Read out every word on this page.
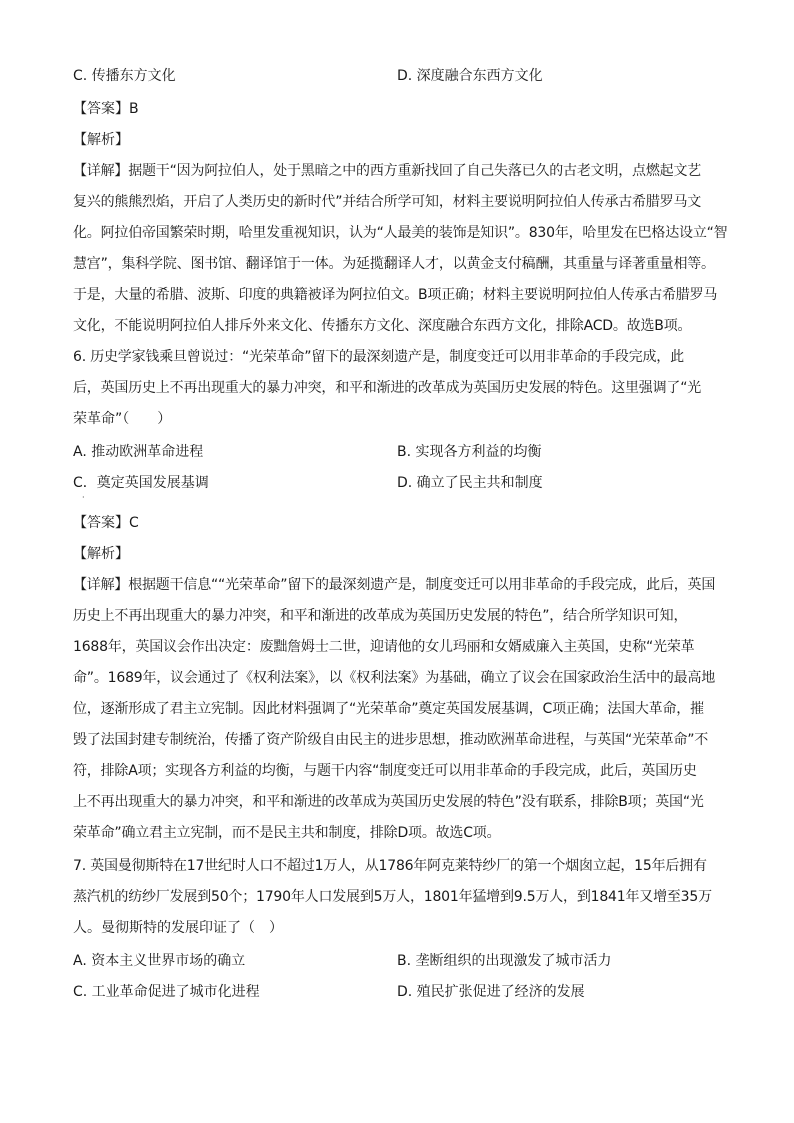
C. 传播东方文化	D. 深度融合东西方文化
【答案】B
【解析】
【详解】据题干“因为阿拉伯人，处于黑暗之中的西方重新找回了自己失落已久的古老文明，点燃起文艺
复兴的熊熊烈焰，开启了人类历史的新时代”并结合所学可知，材料主要说明阿拉伯人传承古希腊罗马文
化。阿拉伯帝国繁荣时期，哈里发重视知识，认为“人最美的装饰是知识”。830年，哈里发在巴格达设立“智
慧宫”，集科学院、图书馆、翻译馆于一体。为延揽翻译人才，以黄金支付稿酬，其重量与译著重量相等。
于是，大量的希腊、波斯、印度的典籍被译为阿拉伯文。B项正确；材料主要说明阿拉伯人传承古希腊罗马
文化，不能说明阿拉伯人排斥外来文化、传播东方文化、深度融合东西方文化，排除ACD。故选B项。
6. 历史学家钱乘旦曾说过：“光荣革命”留下的最深刻遗产是，制度变迁可以用非革命的手段完成，此
后，英国历史上不再出现重大的暴力冲突，和平和渐进的改革成为英国历史发展的特色。这里强调了“光
荣革命”（　　）
A. 推动欧洲革命进程	B. 实现各方利益的均衡
C．奠定英国发展基调	D. 确立了民主共和制度
·
【答案】C
【解析】
【详解】根据题干信息““光荣革命”留下的最深刻遗产是，制度变迁可以用非革命的手段完成，此后，英国
历史上不再出现重大的暴力冲突，和平和渐进的改革成为英国历史发展的特色”，结合所学知识可知，
1688年，英国议会作出决定：废黜詹姆士二世，迎请他的女儿玛丽和女婿威廉入主英国，史称“光荣革
命”。1689年，议会通过了《权利法案》，以《权利法案》为基础，确立了议会在国家政治生活中的最高地
位，逐渐形成了君主立宪制。因此材料强调了“光荣革命”奠定英国发展基调，C项正确；法国大革命，摧
毁了法国封建专制统治，传播了资产阶级自由民主的进步思想，推动欧洲革命进程，与英国“光荣革命”不
符，排除A项；实现各方利益的均衡，与题干内容“制度变迁可以用非革命的手段完成，此后，英国历史
上不再出现重大的暴力冲突，和平和渐进的改革成为英国历史发展的特色”没有联系，排除B项；英国“光
荣革命”确立君主立宪制，而不是民主共和制度，排除D项。故选C项。
7. 英国曼彻斯特在17世纪时人口不超过1万人，从1786年阿克莱特纱厂的第一个烟囱立起，15年后拥有
蒸汽机的纺纱厂发展到50个；1790年人口发展到5万人，1801年猛增到9.5万人，到1841年又增至35万
人。曼彻斯特的发展印证了（　）
A. 资本主义世界市场的确立	B. 垄断组织的出现激发了城市活力
C. 工业革命促进了城市化进程	D. 殖民扩张促进了经济的发展
